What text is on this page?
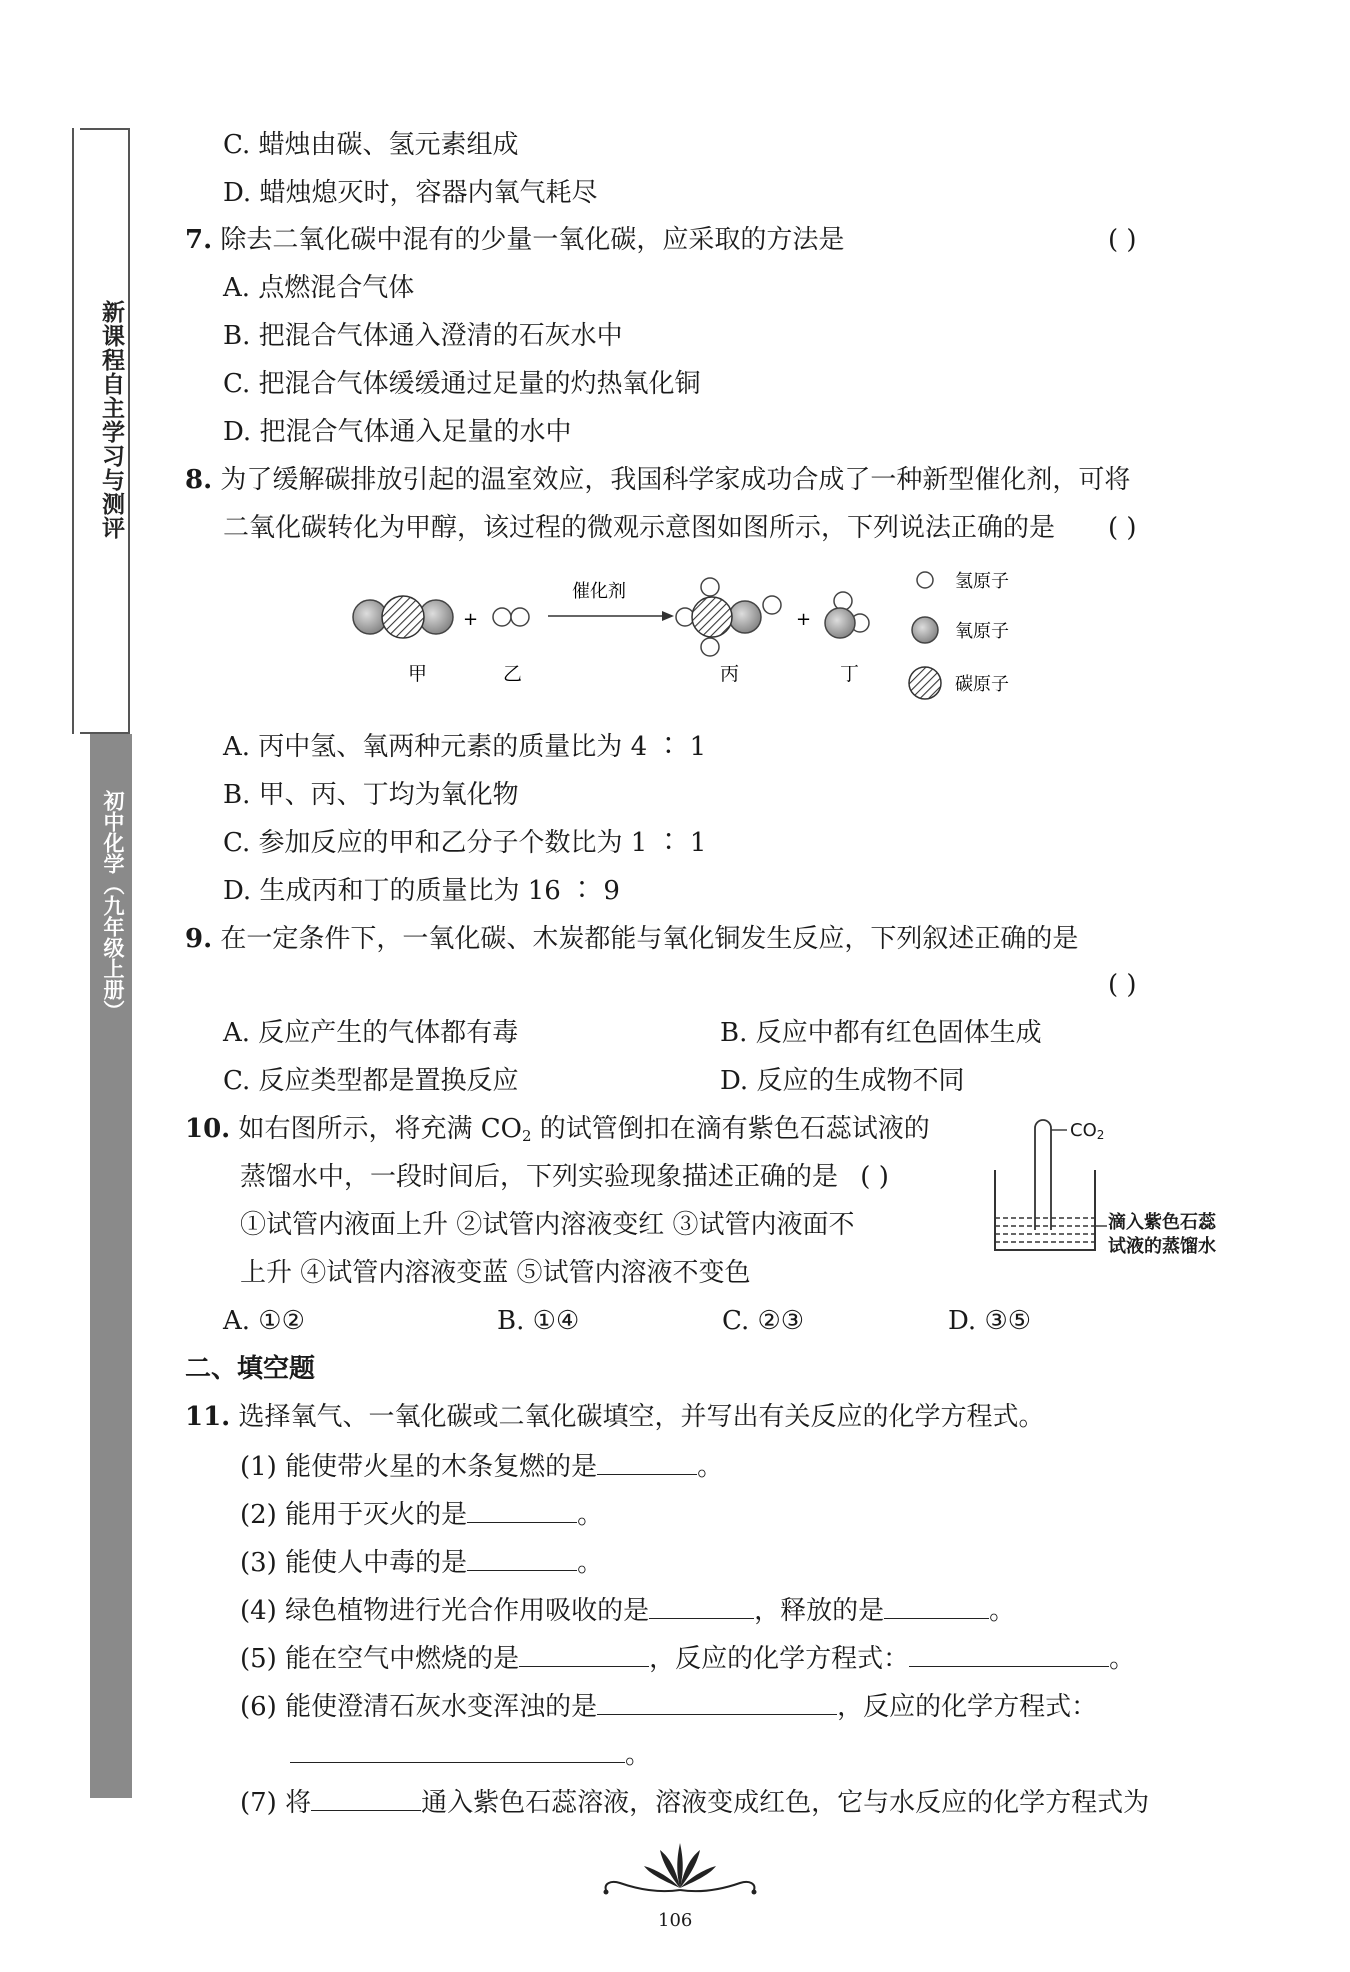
新课程自主学习与测评
初中化学（九年级上册）
C. 蜡烛由碳、氢元素组成
D. 蜡烛熄灭时，容器内氧气耗尽
7. 除去二氧化碳中混有的少量一氧化碳，应采取的方法是	( )
A. 点燃混合气体
B. 把混合气体通入澄清的石灰水中
C. 把混合气体缓缓通过足量的灼热氧化铜
D. 把混合气体通入足量的水中
8. 为了缓解碳排放引起的温室效应，我国科学家成功合成了一种新型催化剂，可将
二氧化碳转化为甲醇，该过程的微观示意图如图所示，下列说法正确的是 ( )
+
催化剂
+
甲	乙	丙	丁
氢原子
氧原子
碳原子
A. 丙中氢、氧两种元素的质量比为 4 ∶ 1
B. 甲、丙、丁均为氧化物
C. 参加反应的甲和乙分子个数比为 1 ∶ 1
D. 生成丙和丁的质量比为 16 ∶ 9
9. 在一定条件下，一氧化碳、木炭都能与氧化铜发生反应，下列叙述正确的是
( )
A. 反应产生的气体都有毒	B. 反应中都有红色固体生成
C. 反应类型都是置换反应	D. 反应的生成物不同
10. 如右图所示，将充满 $CO_2$ 的试管倒扣在滴有紫色石蕊试液的
蒸馏水中，一段时间后，下列实验现象描述正确的是 ( )
①试管内液面上升 ②试管内溶液变红 ③试管内液面不
上升 ④试管内溶液变蓝 ⑤试管内溶液不变色
CO2
滴入紫色石蕊
试液的蒸馏水
A. ①②	B. ①④	C. ②③	D. ③⑤
二、填空题
11. 选择氧气、一氧化碳或二氧化碳填空，并写出有关反应的化学方程式。
(1) 能使带火星的木条复燃的是	。
(2) 能用于灭火的是	。
(3) 能使人中毒的是	。
(4) 绿色植物进行光合作用吸收的是	，释放的是	。
(5) 能在空气中燃烧的是	，反应的化学方程式：	。
(6) 能使澄清石灰水变浑浊的是	，反应的化学方程式：
。
(7) 将	通入紫色石蕊溶液，溶液变成红色，它与水反应的化学方程式为
106
